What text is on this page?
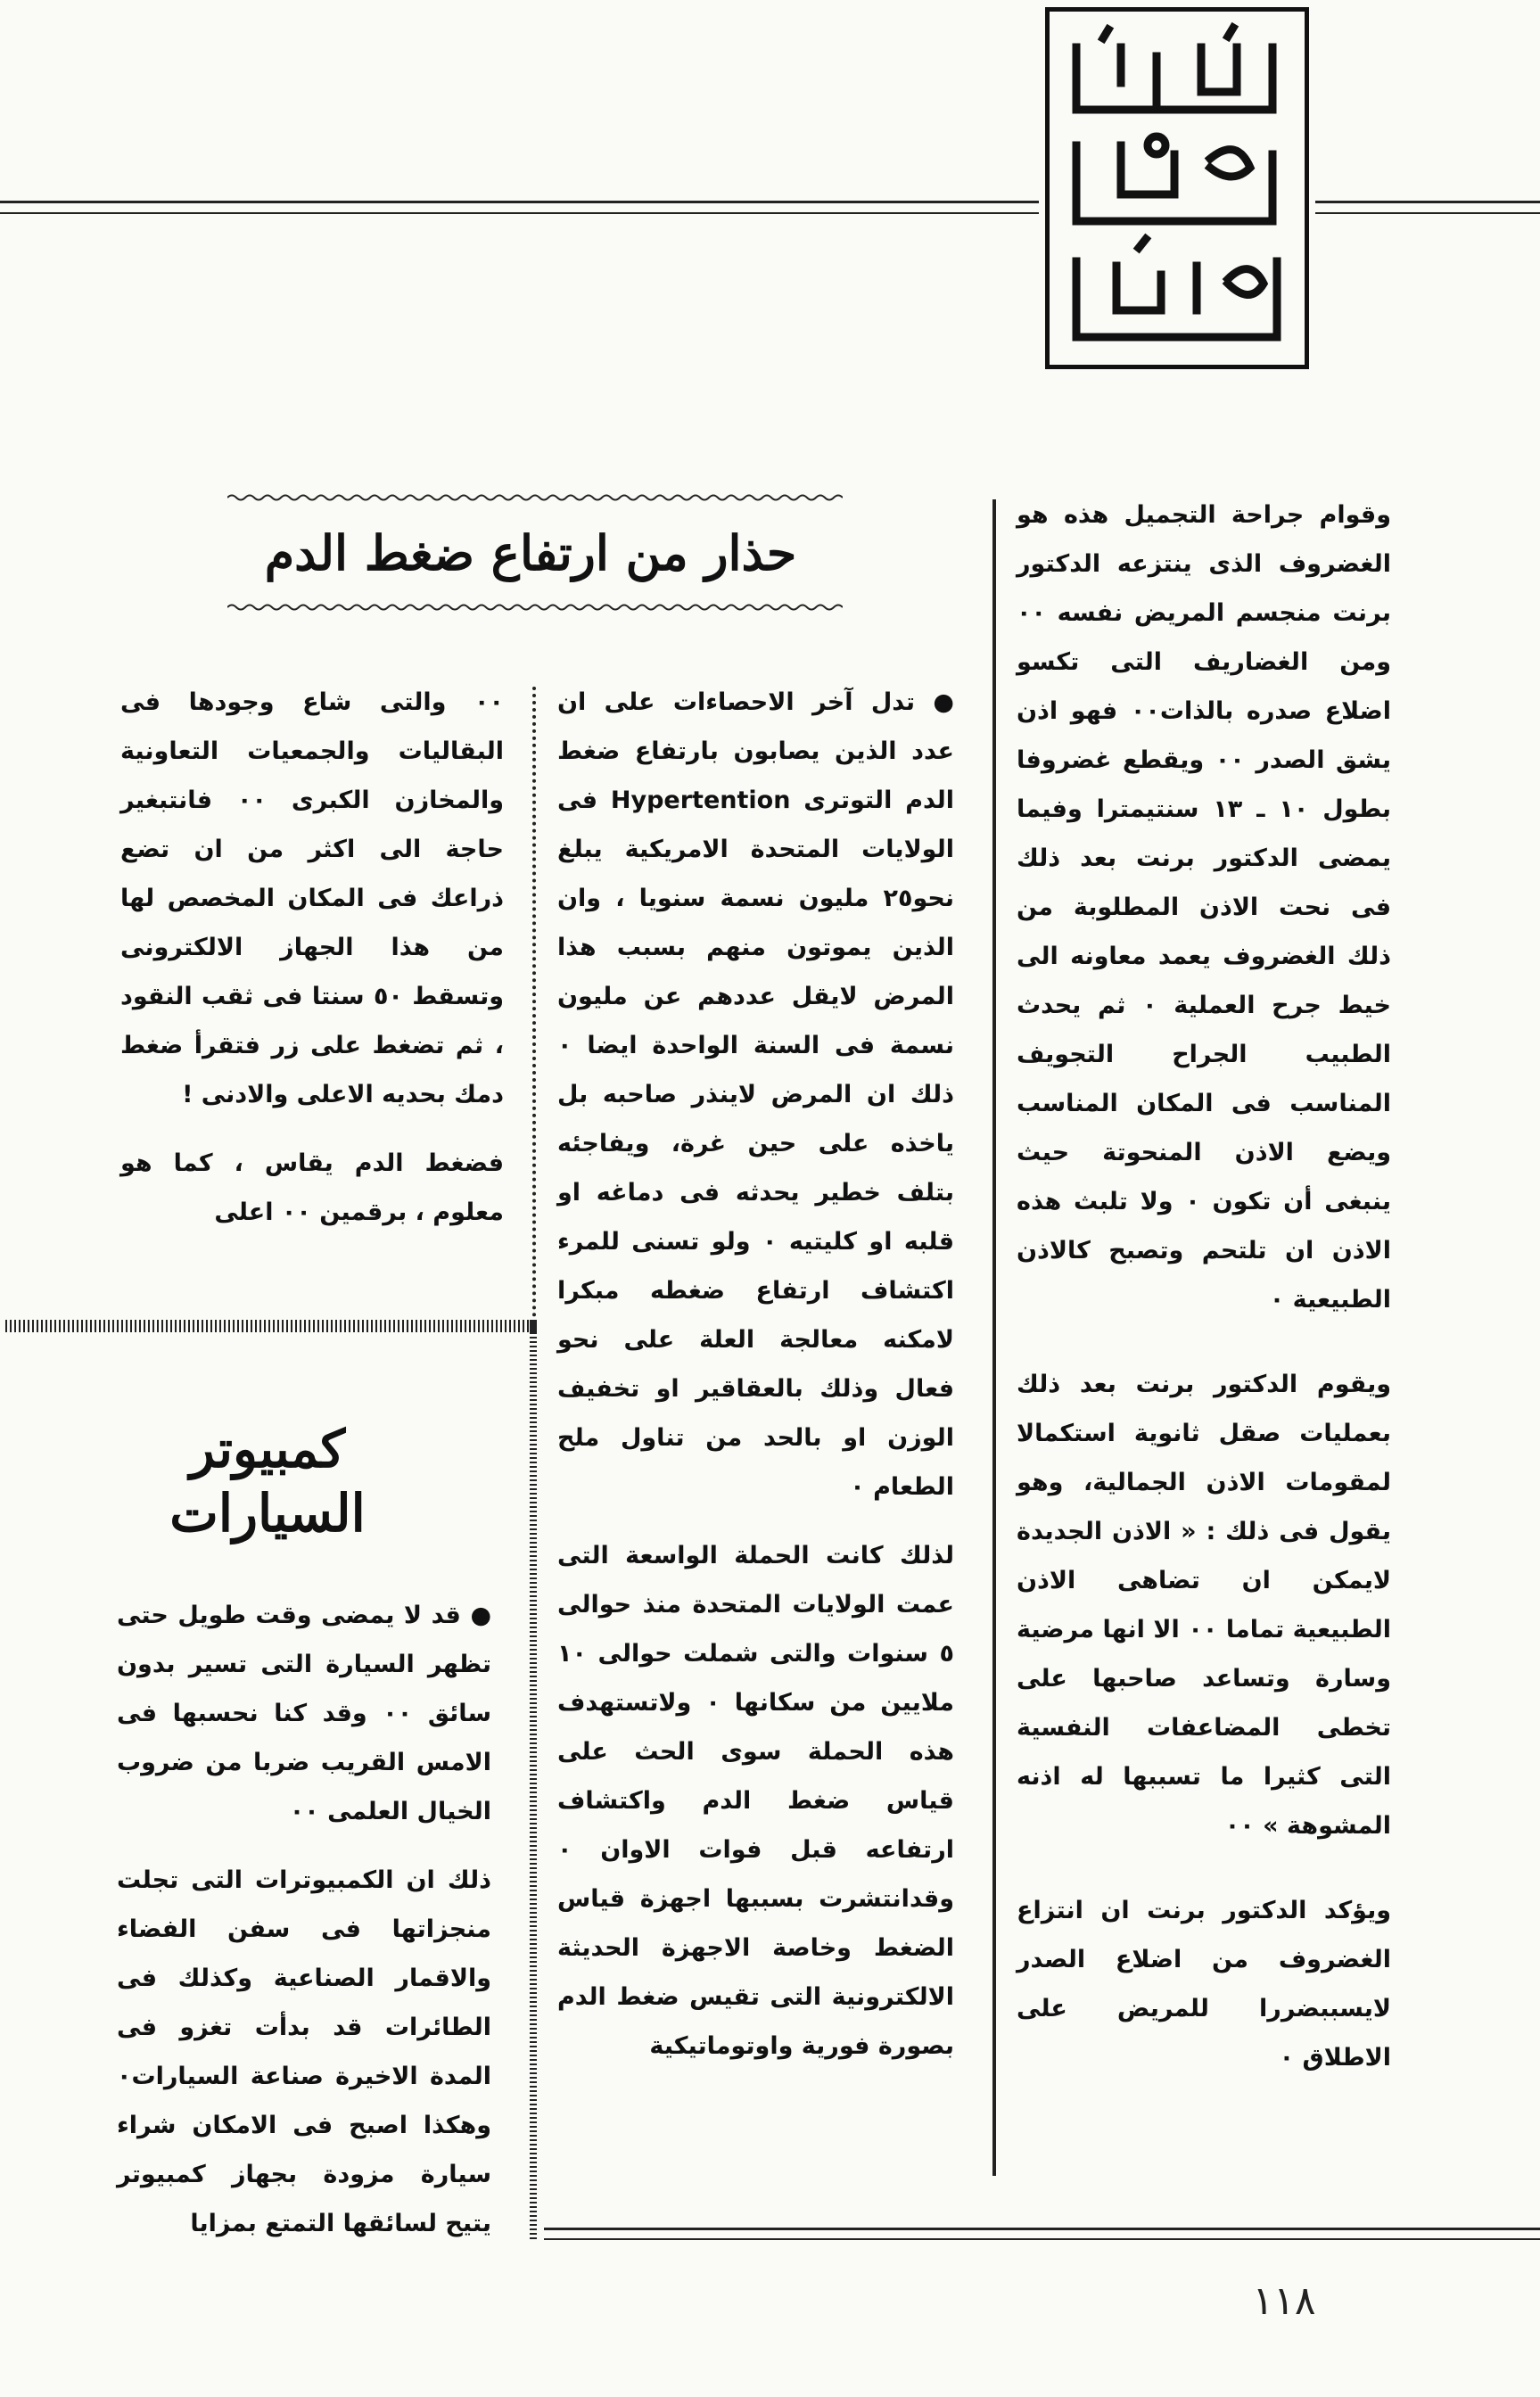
وقوام جراحة التجميل هذه هو الغضروف الذى ينتزعه الدكتور برنت منجسم المريض نفسه ٠٠ ومن الغضاريف التى تكسو اضلاع صدره بالذات٠٠ فهو اذن يشق الصدر ٠٠ ويقطع غضروفا بطول ١٠ ـ ١٣ سنتيمترا وفيما يمضى الدكتور برنت بعد ذلك فى نحت الاذن المطلوبة من ذلك الغضروف يعمد معاونه الى خيط جرح العملية ٠ ثم يحدث الطبيب الجراح التجويف المناسب فى المكان المناسب ويضع الاذن المنحوتة حيث ينبغى أن تكون ٠ ولا تلبث هذه الاذن ان تلتحم وتصبح كالاذن الطبيعية ٠

ويقوم الدكتور برنت بعد ذلك بعمليات صقل ثانوية استكمالا لمقومات الاذن الجمالية، وهو يقول فى ذلك : « الاذن الجديدة لايمكن ان تضاهى الاذن الطبيعية تماما ٠٠ الا انها مرضية وسارة وتساعد صاحبها على تخطى المضاعفات النفسية التى كثيرا ما تسببها له اذنه المشوهة » ٠٠

ويؤكد الدكتور برنت ان انتزاع الغضروف من اضلاع الصدر لايسببضررا للمريض على الاطلاق ٠

حذار من ارتفاع ضغط الدم

● تدل آخر الاحصاءات على ان عدد الذين يصابون بارتفاع ضغط الدم التوترى Hypertention فى الولايات المتحدة الامريكية يبلغ نحو٢٥ مليون نسمة سنويا ، وان الذين يموتون منهم بسبب هذا المرض لايقل عددهم عن مليون نسمة فى السنة الواحدة ايضا ٠ ذلك ان المرض لاينذر صاحبه بل ياخذه على حين غرة، ويفاجئه بتلف خطير يحدثه فى دماغه او قلبه او كليتيه ٠ ولو تسنى للمرء اكتشاف ارتفاع ضغطه مبكرا لامكنه معالجة العلة على نحو فعال وذلك بالعقاقير او تخفيف الوزن او بالحد من تناول ملح الطعام ٠

لذلك كانت الحملة الواسعة التى عمت الولايات المتحدة منذ حوالى ٥ سنوات والتى شملت حوالى ١٠ ملايين من سكانها ٠ ولاتستهدف هذه الحملة سوى الحث على قياس ضغط الدم واكتشاف ارتفاعه قبل فوات الاوان ٠ وقدانتشرت بسببها اجهزة قياس الضغط وخاصة الاجهزة الحديثة الالكترونية التى تقيس ضغط الدم بصورة فورية واوتوماتيكية

٠٠ والتى شاع وجودها فى البقاليات والجمعيات التعاونية والمخازن الكبرى ٠٠ فانتبغير حاجة الى اكثر من ان تضع ذراعك فى المكان المخصص لها من هذا الجهاز الالكترونى وتسقط ٥٠ سنتا فى ثقب النقود ، ثم تضغط على زر فتقرأ ضغط دمك بحديه الاعلى والادنى !

فضغط الدم يقاس ، كما هو معلوم ، برقمين ٠٠ اعلى

كمبيوتر
السيارات

● قد لا يمضى وقت طويل حتى تظهر السيارة التى تسير بدون سائق ٠٠ وقد كنا نحسبها فى الامس القريب ضربا من ضروب الخيال العلمى ٠٠

ذلك ان الكمبيوترات التى تجلت منجزاتها فى سفن الفضاء والاقمار الصناعية وكذلك فى الطائرات قد بدأت تغزو فى المدة الاخيرة صناعة السيارات٠ وهكذا اصبح فى الامكان شراء سيارة مزودة بجهاز كمبيوتر يتيح لسائقها التمتع بمزايا

١١٨
